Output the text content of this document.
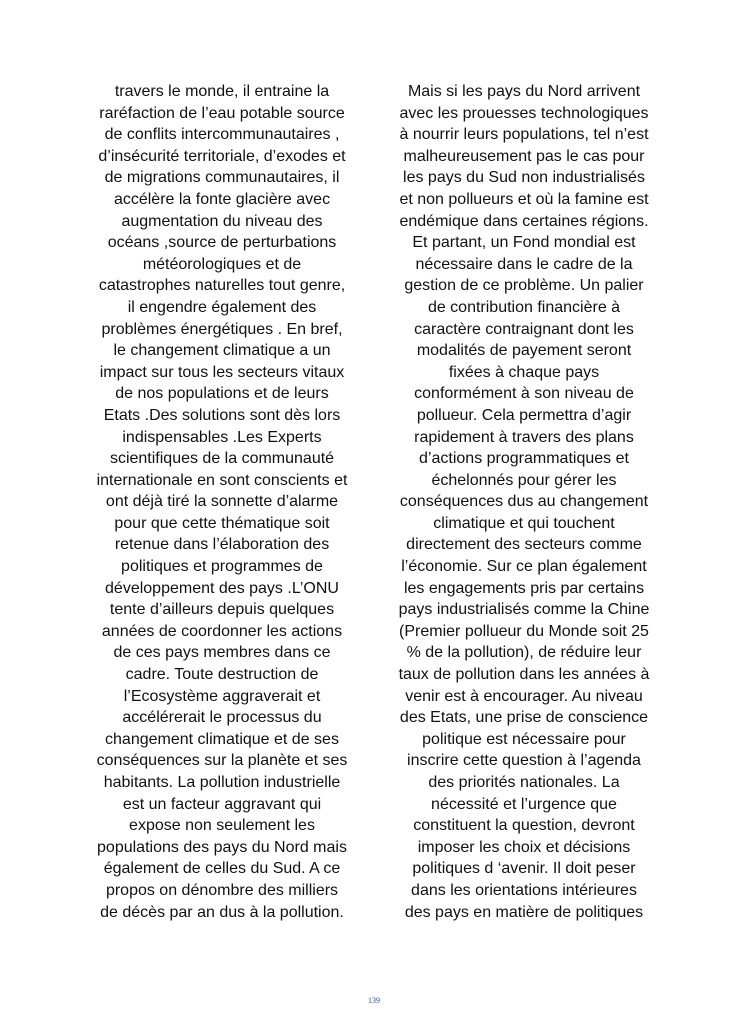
travers le monde, il entraine la
raréfaction de l’eau potable source
de conflits intercommunautaires ,
d’insécurité territoriale, d’exodes et
de migrations communautaires, il
accélère la fonte glacière avec
augmentation du niveau des
océans ,source de perturbations
météorologiques et de
catastrophes naturelles tout genre,
il engendre également des
problèmes énergétiques . En bref,
le changement climatique a un
impact sur tous les secteurs vitaux
de nos populations et de leurs
Etats .Des solutions sont dès lors
indispensables .Les Experts
scientifiques de la communauté
internationale en sont conscients et
ont déjà tiré la sonnette d’alarme
pour que cette thématique soit
retenue dans l’élaboration des
politiques et programmes de
développement des pays .L’ONU
tente d’ailleurs depuis quelques
années de coordonner les actions
de ces pays membres dans ce
cadre. Toute destruction de
l’Ecosystème aggraverait et
accélérerait le processus du
changement climatique et de ses
conséquences sur la planète et ses
habitants. La pollution industrielle
est un facteur aggravant qui
expose non seulement les
populations des pays du Nord mais
également de celles du Sud. A ce
propos on dénombre des milliers
de décès par an dus à la pollution.
Mais si les pays du Nord arrivent
avec les prouesses technologiques
à nourrir leurs populations, tel n’est
malheureusement pas le cas pour
les pays du Sud non industrialisés
et non pollueurs et où la famine est
endémique dans certaines régions.
Et partant, un Fond mondial est
nécessaire dans le cadre de la
gestion de ce problème. Un palier
de contribution financière à
caractère contraignant dont les
modalités de payement seront
fixées à chaque pays
conformément à son niveau de
pollueur. Cela permettra d’agir
rapidement à travers des plans
d’actions programmatiques et
échelonnés pour gérer les
conséquences dus au changement
climatique et qui touchent
directement des secteurs comme
l’économie. Sur ce plan également
les engagements pris par certains
pays industrialisés comme la Chine
(Premier pollueur du Monde soit 25
% de la pollution), de réduire leur
taux de pollution dans les années à
venir est à encourager. Au niveau
des Etats, une prise de conscience
politique est nécessaire pour
inscrire cette question à l’agenda
des priorités nationales. La
nécessité et l’urgence que
constituent la question, devront
imposer les choix et décisions
politiques d ‘avenir. Il doit peser
dans les orientations intérieures
des pays en matière de politiques
139
